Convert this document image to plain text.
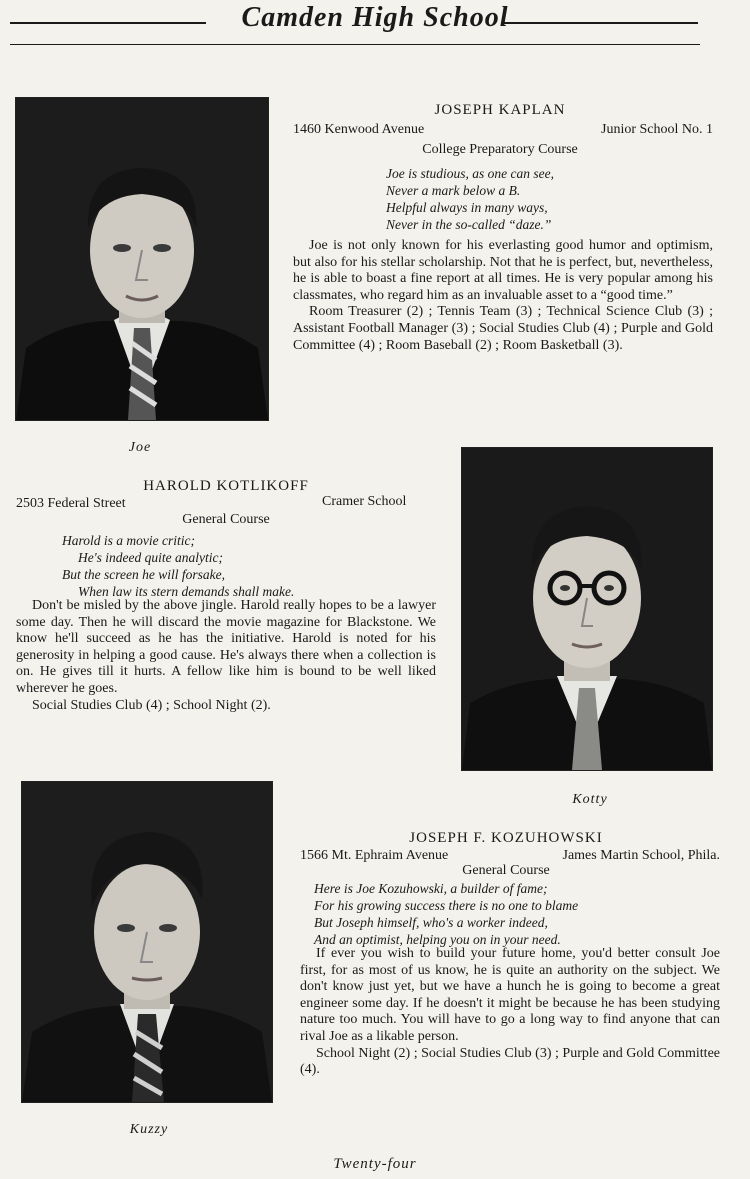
Camden High School
Joe
JOSEPH KAPLAN
1460 Kenwood Avenue	Junior School No. 1
College Preparatory Course
Joe is studious, as one can see,
Never a mark below a B.
Helpful always in many ways,
Never in the so-called “daze.”

Joe is not only known for his everlasting good humor and optimism, but also for his stellar scholarship. Not that he is perfect, but, nevertheless, he is able to boast a fine report at all times. He is very popular among his classmates, who regard him as an invaluable asset to a “good time.”

Room Treasurer (2) ; Tennis Team (3) ; Technical Science Club (3) ; Assistant Football Manager (3) ; Social Studies Club (4) ; Purple and Gold Committee (4) ; Room Baseball (2) ; Room Basketball (3).

HAROLD KOTLIKOFF
2503 Federal Street	Cramer School
General Course
Harold is a movie critic;
He's indeed quite analytic;
But the screen he will forsake,
When law its stern demands shall make.

Don't be misled by the above jingle. Harold really hopes to be a lawyer some day. Then he will discard the movie magazine for Blackstone. We know he'll succeed as he has the initiative. Harold is noted for his generosity in helping a good cause. He's always there when a collection is on. He gives till it hurts. A fellow like him is bound to be well liked wherever he goes.

Social Studies Club (4) ; School Night (2).

Kotty
Kuzzy
JOSEPH F. KOZUHOWSKI
1566 Mt. Ephraim Avenue	James Martin School, Phila.
General Course
Here is Joe Kozuhowski, a builder of fame;
For his growing success there is no one to blame
But Joseph himself, who's a worker indeed,
And an optimist, helping you on in your need.

If ever you wish to build your future home, you'd better consult Joe first, for as most of us know, he is quite an authority on the subject. We don't know just yet, but we have a hunch he is going to become a great engineer some day. If he doesn't it might be because he has been studying nature too much. You will have to go a long way to find anyone that can rival Joe as a likable person.

School Night (2) ; Social Studies Club (3) ; Purple and Gold Committee (4).

Twenty-four
